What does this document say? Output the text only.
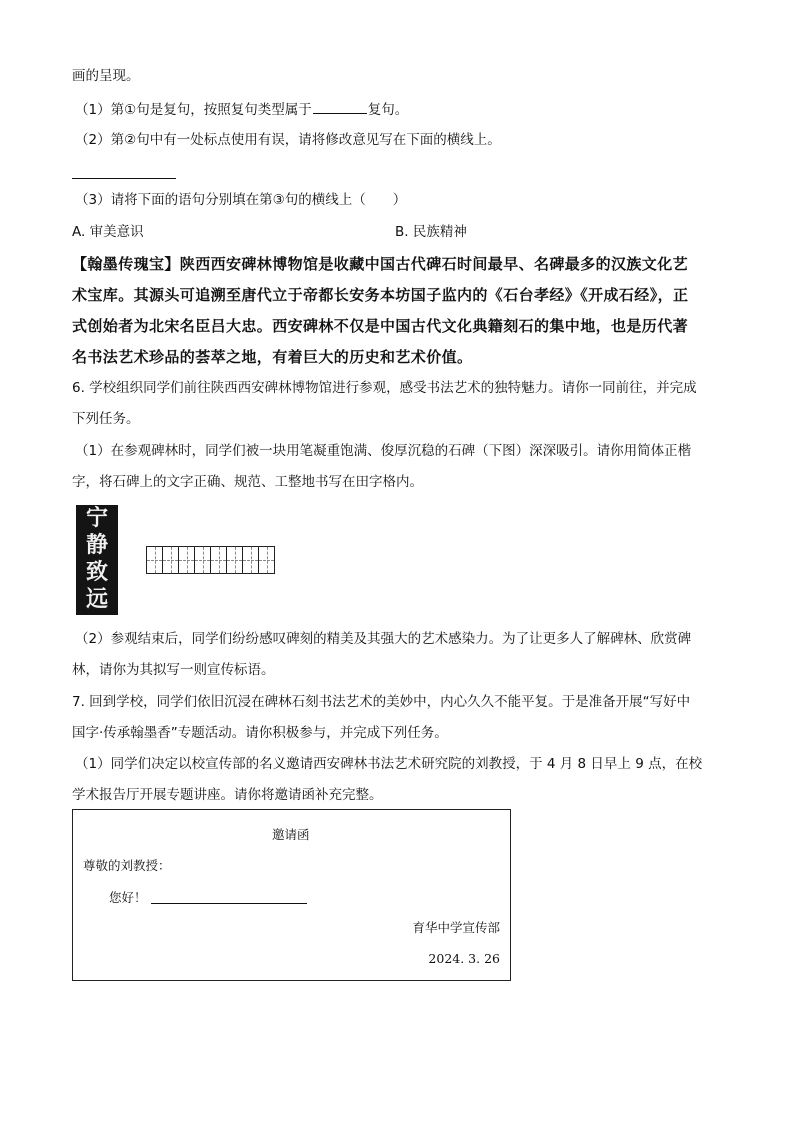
画的呈现。
（1）第①句是复句，按照复句类型属于	复句。
（2）第②句中有一处标点使用有误，请将修改意见写在下面的横线上。
（3）请将下面的语句分别填在第③句的横线上（　　）
A. 审美意识	B. 民族精神
【翰墨传瑰宝】陕西西安碑林博物馆是收藏中国古代碑石时间最早、名碑最多的汉族文化艺
术宝库。其源头可追溯至唐代立于帝都长安务本坊国子监内的《石台孝经》《开成石经》，正
式创始者为北宋名臣吕大忠。西安碑林不仅是中国古代文化典籍刻石的集中地，也是历代著
名书法艺术珍品的荟萃之地，有着巨大的历史和艺术价值。
6. 学校组织同学们前往陕西西安碑林博物馆进行参观，感受书法艺术的独特魅力。请你一同前往，并完成
下列任务。
（1）在参观碑林时，同学们被一块用笔凝重饱满、俊厚沉稳的石碑（下图）深深吸引。请你用简体正楷
字，将石碑上的文字正确、规范、工整地书写在田字格内。
宁
静
致
远
（2）参观结束后，同学们纷纷感叹碑刻的精美及其强大的艺术感染力。为了让更多人了解碑林、欣赏碑
林，请你为其拟写一则宣传标语。
7. 回到学校，同学们依旧沉浸在碑林石刻书法艺术的美妙中，内心久久不能平复。于是准备开展“写好中
国字·传承翰墨香”专题活动。请你积极参与，并完成下列任务。
（1）同学们决定以校宣传部的名义邀请西安碑林书法艺术研究院的刘教授，于 4 月 8 日早上 9 点，在校
学术报告厅开展专题讲座。请你将邀请函补充完整。
邀请函
尊敬的刘教授：
您好！
育华中学宣传部
2024. 3. 26
